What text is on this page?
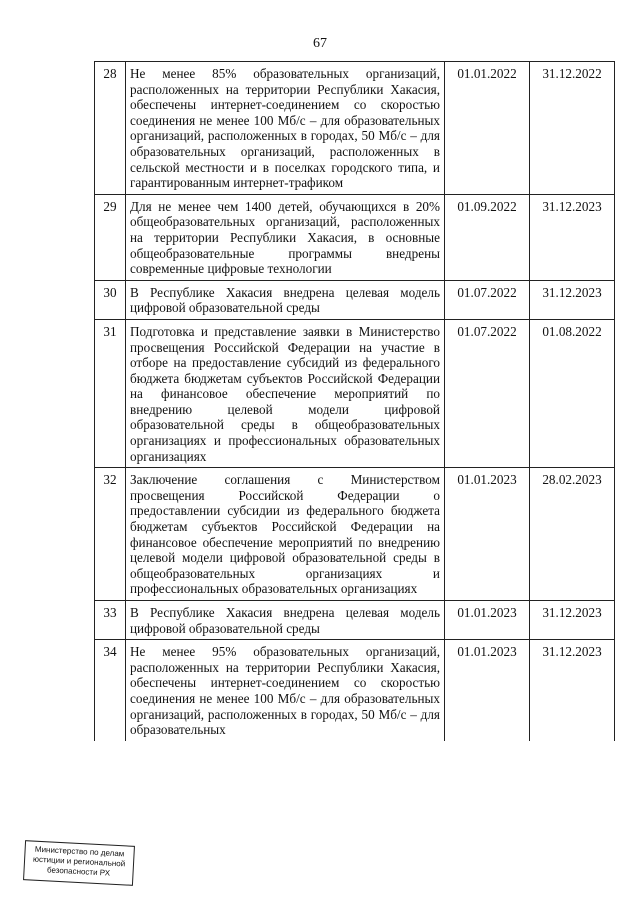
67
28	Не менее 85% образовательных организаций, расположенных на территории Республики Хакасия, обеспечены интернет-соединением со скоростью соединения не менее 100 Мб/с – для образовательных организаций, расположенных в городах, 50 Мб/с – для образовательных организаций, расположенных в сельской местности и в поселках городского типа, и гарантированным интернет-трафиком	01.01.2022	31.12.2022
29	Для не менее чем 1400 детей, обучающихся в 20% общеобразовательных организаций, расположенных на территории Республики Хакасия, в основные общеобразовательные программы внедрены современные цифровые технологии	01.09.2022	31.12.2023
30	В Республике Хакасия внедрена целевая модель цифровой образовательной среды	01.07.2022	31.12.2023
31	Подготовка и представление заявки в Министерство просвещения Российской Федерации на участие в отборе на предоставление субсидий из федерального бюджета бюджетам субъектов Российской Федерации на финансовое обеспечение мероприятий по внедрению целевой модели цифровой образовательной среды в общеобразовательных организациях и профессиональных образовательных организациях	01.07.2022	01.08.2022
32	Заключение соглашения с Министерством просвещения Российской Федерации о предоставлении субсидии из федерального бюджета бюджетам субъектов Российской Федерации на финансовое обеспечение мероприятий по внедрению целевой модели цифровой образовательной среды в общеобразовательных организациях и профессиональных образовательных организациях	01.01.2023	28.02.2023
33	В Республике Хакасия внедрена целевая модель цифровой образовательной среды	01.01.2023	31.12.2023
34	Не менее 95% образовательных организаций, расположенных на территории Республики Хакасия, обеспечены интернет-соединением со скоростью соединения не менее 100 Мб/с – для образовательных организаций, расположенных в городах, 50 Мб/с – для образовательных	01.01.2023	31.12.2023
Министерство по делам
юстиции и региональной
безопасности РХ
